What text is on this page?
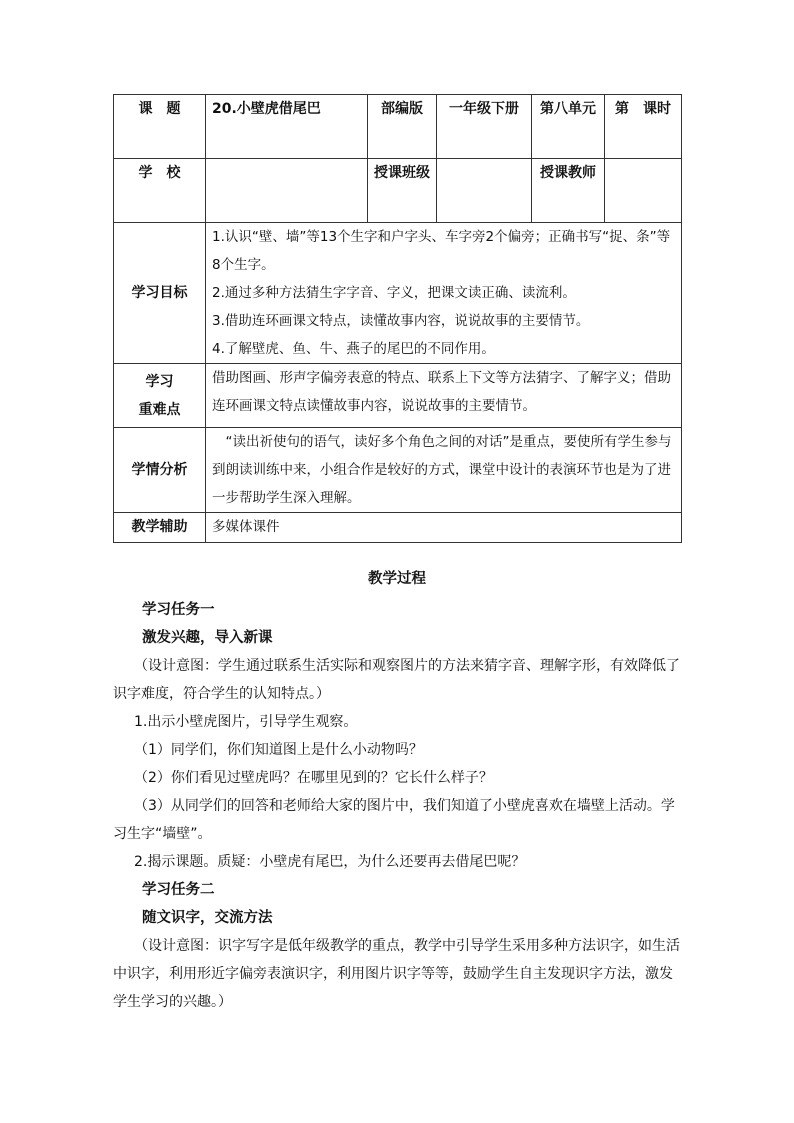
课　题	20.小壁虎借尾巴	部编版	一年级下册	第八单元	第　课时
学　校		授课班级		授课教师	
学习目标	1.认识“壁、墙”等13个生字和户字头、车字旁2个偏旁；正确书写“捉、条”等8个生字。

2.通过多种方法猜生字字音、字义，把课文读正确、读流利。

3.借助连环画课文特点，读懂故事内容，说说故事的主要情节。

4.了解壁虎、鱼、牛、燕子的尾巴的不同作用。				

学习
重难点	借助图画、形声字偏旁表意的特点、联系上下文等方法猜字、了解字义；借助连环画课文特点读懂故事内容，说说故事的主要情节。				
学情分析	“读出祈使句的语气，读好多个角色之间的对话”是重点，要使所有学生参与到朗读训练中来，小组合作是较好的方式，课堂中设计的表演环节也是为了进一步帮助学生深入理解。				
教学辅助	多媒体课件				

教学过程

学习任务一

激发兴趣，导入新课

（设计意图：学生通过联系生活实际和观察图片的方法来猜字音、理解字形，有效降低了识字难度，符合学生的认知特点。）

1.出示小壁虎图片，引导学生观察。

（1）同学们，你们知道图上是什么小动物吗？

（2）你们看见过壁虎吗？在哪里见到的？它长什么样子？

（3）从同学们的回答和老师给大家的图片中，我们知道了小壁虎喜欢在墙壁上活动。学习生字“墙壁”。

2.揭示课题。质疑：小壁虎有尾巴，为什么还要再去借尾巴呢？

学习任务二

随文识字，交流方法

（设计意图：识字写字是低年级教学的重点，教学中引导学生采用多种方法识字，如生活中识字，利用形近字偏旁表演识字，利用图片识字等等，鼓励学生自主发现识字方法，激发学生学习的兴趣。）
